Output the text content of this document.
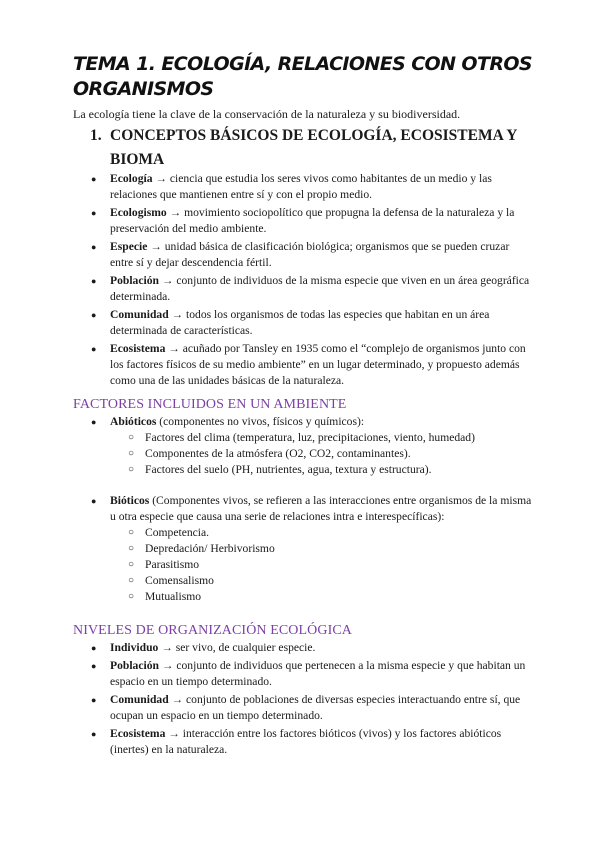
TEMA 1. ECOLOGÍA, RELACIONES CON OTROS ORGANISMOS

La ecología tiene la clave de la conservación de la naturaleza y su biodiversidad.

1. CONCEPTOS BÁSICOS DE ECOLOGÍA, ECOSISTEMA Y
BIOMA
● Ecología → ciencia que estudia los seres vivos como habitantes de un medio y las relaciones que mantienen entre sí y con el propio medio.
● Ecologismo → movimiento sociopolítico que propugna la defensa de la naturaleza y la preservación del medio ambiente.
● Especie → unidad básica de clasificación biológica; organismos que se pueden cruzar entre sí y dejar descendencia fértil.
● Población → conjunto de individuos de la misma especie que viven en un área geográfica determinada.
● Comunidad → todos los organismos de todas las especies que habitan en un área determinada de características.
● Ecosistema → acuñado por Tansley en 1935 como el “complejo de organismos junto con los factores físicos de su medio ambiente” en un lugar determinado, y propuesto además como una de las unidades básicas de la naturaleza.
FACTORES INCLUIDOS EN UN AMBIENTE
● Abióticos (componentes no vivos, físicos y químicos):
○ Factores del clima (temperatura, luz, precipitaciones, viento, humedad)
○ Componentes de la atmósfera (O2, CO2, contaminantes).
○ Factores del suelo (PH, nutrientes, agua, textura y estructura).
● Bióticos (Componentes vivos, se refieren a las interacciones entre organismos de la misma u otra especie que causa una serie de relaciones intra e interespecíficas):
○ Competencia.
○ Depredación/ Herbivorismo
○ Parasitismo
○ Comensalismo
○ Mutualismo
NIVELES DE ORGANIZACIÓN ECOLÓGICA
● Individuo → ser vivo, de cualquier especie.
● Población → conjunto de individuos que pertenecen a la misma especie y que habitan un espacio en un tiempo determinado.
● Comunidad → conjunto de poblaciones de diversas especies interactuando entre sí, que ocupan un espacio en un tiempo determinado.
● Ecosistema → interacción entre los factores bióticos (vivos) y los factores abióticos (inertes) en la naturaleza.
